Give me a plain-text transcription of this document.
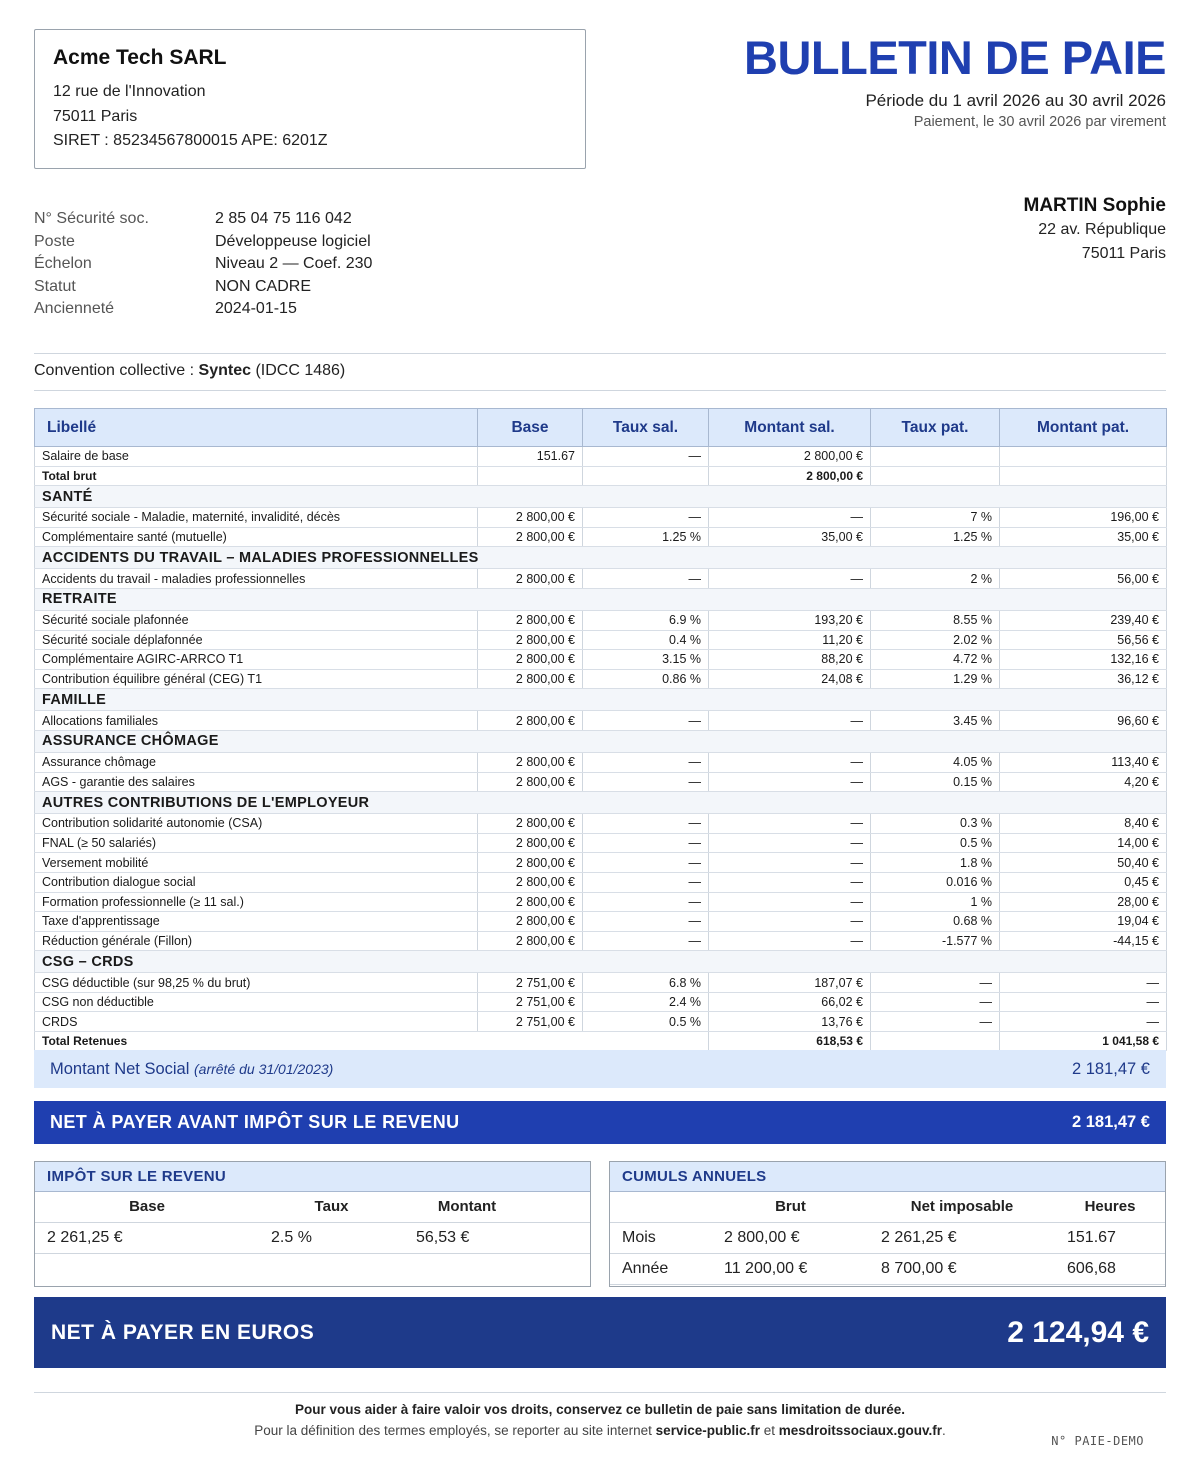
Acme Tech SARL
12 rue de l'Innovation
75011 Paris
SIRET : 85234567800015 APE: 6201Z
BULLETIN DE PAIE
Période du 1 avril 2026 au 30 avril 2026
Paiement, le 30 avril 2026 par virement
N° Sécurité soc.	2 85 04 75 116 042
Poste	Développeuse logiciel
Échelon	Niveau 2 — Coef. 230
Statut	NON CADRE
Ancienneté	2024-01-15
MARTIN Sophie
22 av. République
75011 Paris
Convention collective : Syntec (IDCC 1486)
Libellé	Base	Taux sal.	Montant sal.	Taux pat.	Montant pat.
Salaire de base	151.67	—	2 800,00 €		
Total brut			2 800,00 €		
SANTÉ					
Sécurité sociale - Maladie, maternité, invalidité, décès	2 800,00 €	—	—	7 %	196,00 €
Complémentaire santé (mutuelle)	2 800,00 €	1.25 %	35,00 €	1.25 %	35,00 €
ACCIDENTS DU TRAVAIL – MALADIES PROFESSIONNELLES					
Accidents du travail - maladies professionnelles	2 800,00 €	—	—	2 %	56,00 €
RETRAITE					
Sécurité sociale plafonnée	2 800,00 €	6.9 %	193,20 €	8.55 %	239,40 €
Sécurité sociale déplafonnée	2 800,00 €	0.4 %	11,20 €	2.02 %	56,56 €
Complémentaire AGIRC-ARRCO T1	2 800,00 €	3.15 %	88,20 €	4.72 %	132,16 €
Contribution équilibre général (CEG) T1	2 800,00 €	0.86 %	24,08 €	1.29 %	36,12 €
FAMILLE					
Allocations familiales	2 800,00 €	—	—	3.45 %	96,60 €
ASSURANCE CHÔMAGE					
Assurance chômage	2 800,00 €	—	—	4.05 %	113,40 €
AGS - garantie des salaires	2 800,00 €	—	—	0.15 %	4,20 €
AUTRES CONTRIBUTIONS DE L'EMPLOYEUR					
Contribution solidarité autonomie (CSA)	2 800,00 €	—	—	0.3 %	8,40 €
FNAL (≥ 50 salariés)	2 800,00 €	—	—	0.5 %	14,00 €
Versement mobilité	2 800,00 €	—	—	1.8 %	50,40 €
Contribution dialogue social	2 800,00 €	—	—	0.016 %	0,45 €
Formation professionnelle (≥ 11 sal.)	2 800,00 €	—	—	1 %	28,00 €
Taxe d'apprentissage	2 800,00 €	—	—	0.68 %	19,04 €
Réduction générale (Fillon)	2 800,00 €	—	—	-1.577 %	-44,15 €
CSG – CRDS					
CSG déductible (sur 98,25 % du brut)	2 751,00 €	6.8 %	187,07 €	—	—
CSG non déductible	2 751,00 €	2.4 %	66,02 €	—	—
CRDS	2 751,00 €	0.5 %	13,76 €	—	—
Total Retenues			618,53 €		1 041,58 €
Montant Net Social (arrêté du 31/01/2023)	2 181,47 €
NET À PAYER AVANT IMPÔT SUR LE REVENU	2 181,47 €
IMPÔT SUR LE REVENU
Base	Taux	Montant
2 261,25 €	2.5 %	56,53 €
CUMULS ANNUELS
	Brut	Net imposable	Heures
Mois	2 800,00 €	2 261,25 €	151.67
Année	11 200,00 €	8 700,00 €	606,68
NET À PAYER EN EUROS	2 124,94 €
Pour vous aider à faire valoir vos droits, conservez ce bulletin de paie sans limitation de durée.
Pour la définition des termes employés, se reporter au site internet service-public.fr et mesdroitssociaux.gouv.fr.
N° PAIE-DEMO
